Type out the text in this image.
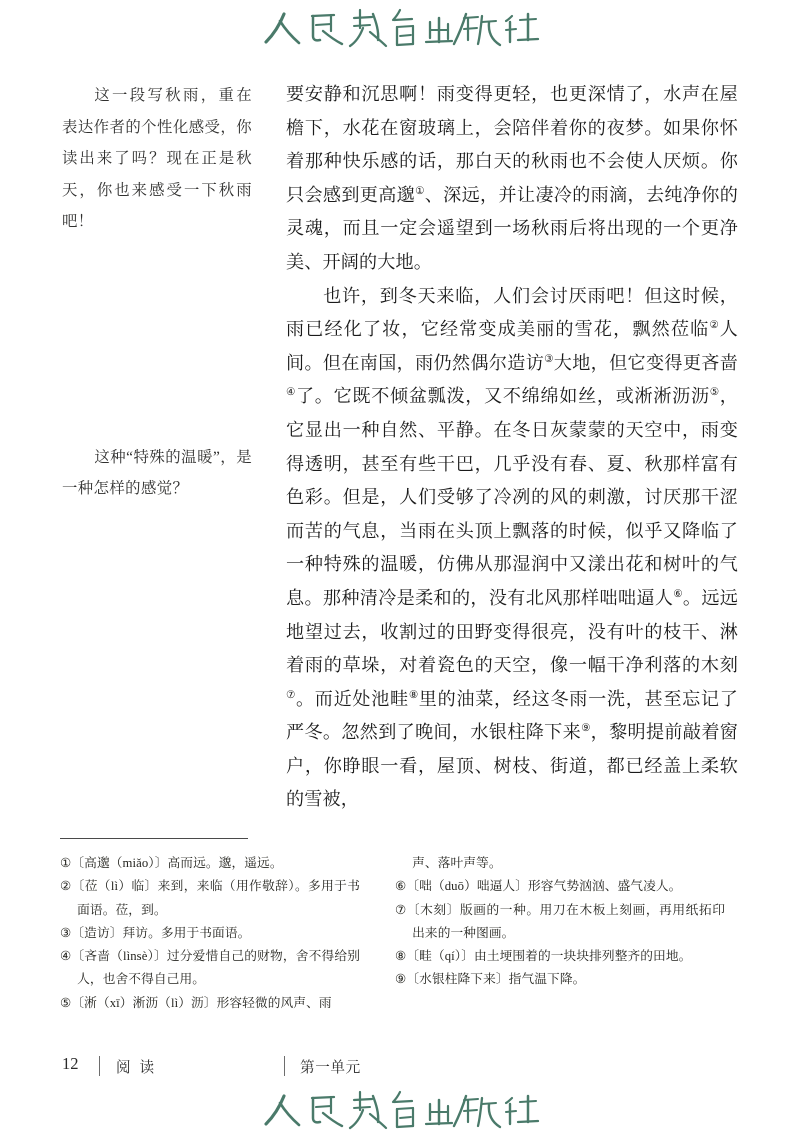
这一段写秋雨，重在表达作者的个性化感受，你读出来了吗？现在正是秋天，你也来感受一下秋雨吧！
这种“特殊的温暖”，是一种怎样的感觉？

要安静和沉思啊！雨变得更轻，也更深情了，水声在屋檐下，水花在窗玻璃上，会陪伴着你的夜梦。如果你怀着那种快乐感的话，那白天的秋雨也不会使人厌烦。你只会感到更高邈①、深远，并让凄冷的雨滴，去纯净你的灵魂，而且一定会遥望到一场秋雨后将出现的一个更净美、开阔的大地。

也许，到冬天来临，人们会讨厌雨吧！但这时候，雨已经化了妆，它经常变成美丽的雪花，飘然莅临②人间。但在南国，雨仍然偶尔造访③大地，但它变得更吝啬④了。它既不倾盆瓢泼，又不绵绵如丝，或淅淅沥沥⑤，它显出一种自然、平静。在冬日灰蒙蒙的天空中，雨变得透明，甚至有些干巴，几乎没有春、夏、秋那样富有色彩。但是，人们受够了冷冽的风的刺激，讨厌那干涩而苦的气息，当雨在头顶上飘落的时候，似乎又降临了一种特殊的温暖，仿佛从那湿润中又漾出花和树叶的气息。那种清冷是柔和的，没有北风那样咄咄逼人⑥。远远地望过去，收割过的田野变得很亮，没有叶的枝干、淋着雨的草垛，对着瓷色的天空，像一幅干净利落的木刻⑦。而近处池畦⑧里的油菜，经这冬雨一洗，甚至忘记了严冬。忽然到了晚间，水银柱降下来⑨，黎明提前敲着窗户，你睁眼一看，屋顶、树枝、街道，都已经盖上柔软的雪被，

①〔高邈（miǎo）〕高而远。邈，遥远。
②〔莅（lì）临〕来到，来临（用作敬辞）。多用于书面语。莅，到。
③〔造访〕拜访。多用于书面语。
④〔吝啬（lìnsè）〕过分爱惜自己的财物，舍不得给别人，也舍不得自己用。
⑤〔淅（xī）淅沥（lì）沥〕形容轻微的风声、雨
声、落叶声等。
⑥〔咄（duō）咄逼人〕形容气势汹汹、盛气凌人。
⑦〔木刻〕版画的一种。用刀在木板上刻画，再用纸拓印出来的一种图画。
⑧〔畦（qí）〕由土埂围着的一块块排列整齐的田地。
⑨〔水银柱降下来〕指气温下降。
12	阅 读	第一单元
